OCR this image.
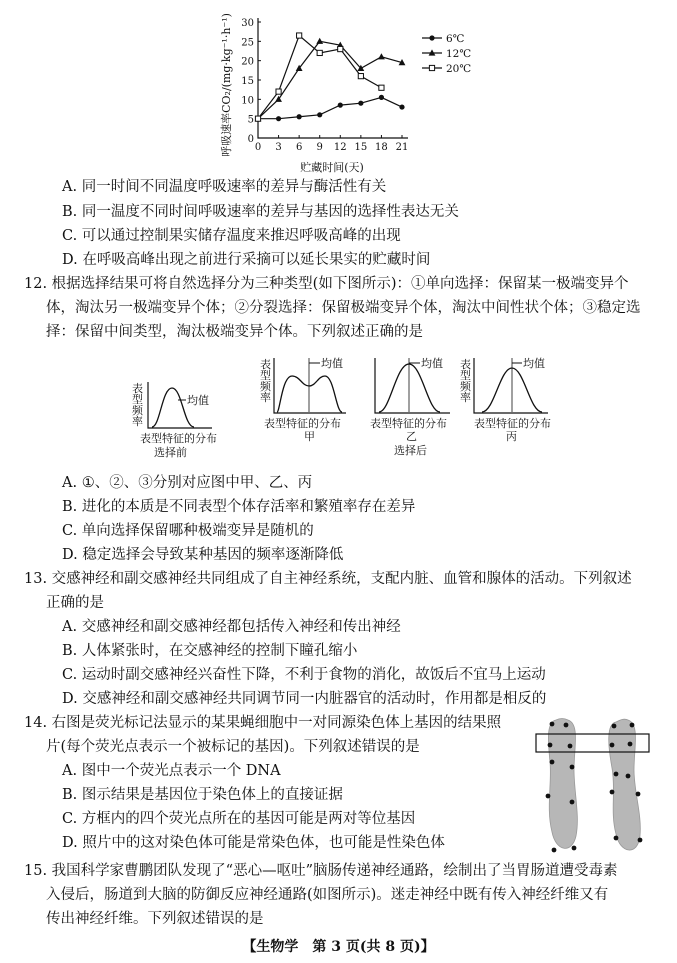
0
5
10
15
20
25
30
0 3 6 9 12 15 18 21
6℃
12℃
20℃
贮藏时间(天)
呼吸速率CO₂/(mg·kg⁻¹·h⁻¹)
A. 同一时间不同温度呼吸速率的差异与酶活性有关
B. 同一温度不同时间呼吸速率的差异与基因的选择性表达无关
C. 可以通过控制果实储存温度来推迟呼吸高峰的出现
D. 在呼吸高峰出现之前进行采摘可以延长果实的贮藏时间
12. 根据选择结果可将自然选择分为三种类型(如下图所示)：①单向选择：保留某一极端变异个
体，淘汰另一极端变异个体；②分裂选择：保留极端变异个体，淘汰中间性状个体；③稳定选
择：保留中间类型，淘汰极端变异个体。下列叙述正确的是
表
型
频
率
均值
表型特征的分布
选择前
表
型
频
率
均值
表型特征的分布
甲
均值
表型特征的分布
乙
选择后
表
型
频
率
均值
表型特征的分布
丙
A. ①、②、③分别对应图中甲、乙、丙
B. 进化的本质是不同表型个体存活率和繁殖率存在差异
C. 单向选择保留哪种极端变异是随机的
D. 稳定选择会导致某种基因的频率逐渐降低
13. 交感神经和副交感神经共同组成了自主神经系统，支配内脏、血管和腺体的活动。下列叙述
正确的是
A. 交感神经和副交感神经都包括传入神经和传出神经
B. 人体紧张时，在交感神经的控制下瞳孔缩小
C. 运动时副交感神经兴奋性下降，不利于食物的消化，故饭后不宜马上运动
D. 交感神经和副交感神经共同调节同一内脏器官的活动时，作用都是相反的
14. 右图是荧光标记法显示的某果蝇细胞中一对同源染色体上基因的结果照
片(每个荧光点表示一个被标记的基因)。下列叙述错误的是
A. 图中一个荧光点表示一个 DNA
B. 图示结果是基因位于染色体上的直接证据
C. 方框内的四个荧光点所在的基因可能是两对等位基因
D. 照片中的这对染色体可能是常染色体，也可能是性染色体
15. 我国科学家曹鹏团队发现了“恶心—呕吐”脑肠传递神经通路，绘制出了当胃肠道遭受毒素
入侵后，肠道到大脑的防御反应神经通路(如图所示)。迷走神经中既有传入神经纤维又有
传出神经纤维。下列叙述错误的是
【生物学　第 3 页(共 8 页)】
